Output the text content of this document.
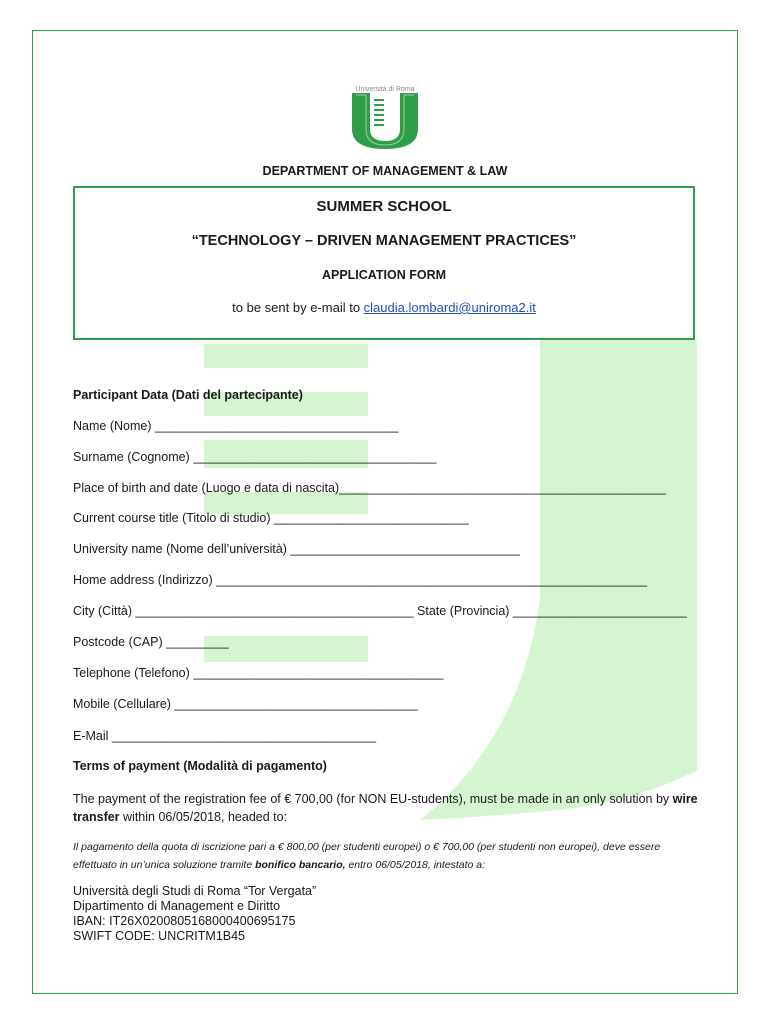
Università di Roma
DEPARTMENT OF MANAGEMENT & LAW
SUMMER SCHOOL
“TECHNOLOGY – DRIVEN MANAGEMENT PRACTICES”
APPLICATION FORM
to be sent by e-mail to claudia.lombardi@uniroma2.it
Participant Data (Dati del partecipante)
Name (Nome) ___________________________________
Surname (Cognome) ___________________________________
Place of birth and date (Luogo e data di nascita)_______________________________________________
Current course title (Titolo di studio) ____________________________
University name (Nome dell’università) _________________________________
Home address (Indirizzo) ______________________________________________________________
City (Città) ________________________________________ State (Provincia) _________________________
Postcode (CAP) _________
Telephone (Telefono) ____________________________________
Mobile (Cellulare) ___________________________________
E-Mail ______________________________________
Terms of payment (Modalità di pagamento)
The payment of the registration fee of € 700,00 (for NON EU-students), must be made in an only solution by wire transfer within 06/05/2018, headed to:
Il pagamento della quota di iscrizione pari a € 800,00 (per studenti europei) o € 700,00 (per studenti non europei), deve essere effettuato in un’unica soluzione tramite bonifico bancario, entro 06/05/2018, intestato a:
Università degli Studi di Roma “Tor Vergata”
Dipartimento di Management e Diritto
IBAN: IT26X0200805168000400695175
SWIFT CODE: UNCRITM1B45
